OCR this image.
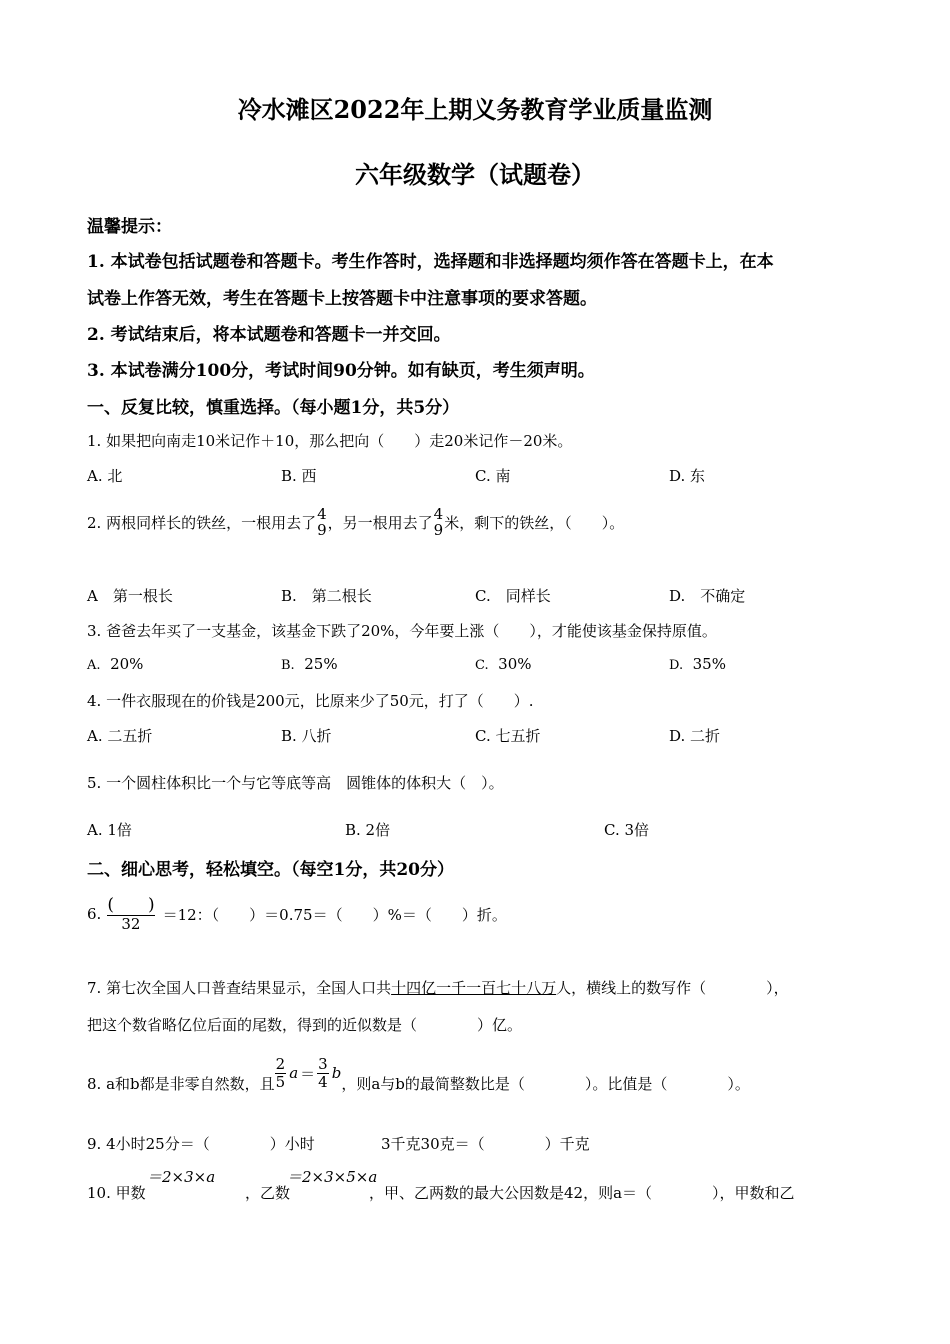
冷水滩区2022年上期义务教育学业质量监测
六年级数学（试题卷）
温馨提示：
1. 本试卷包括试题卷和答题卡。考生作答时，选择题和非选择题均须作答在答题卡上，在本
试卷上作答无效，考生在答题卡上按答题卡中注意事项的要求答题。
2. 考试结束后，将本试题卷和答题卡一并交回。
3. 本试卷满分100分，考试时间90分钟。如有缺页，考生须声明。
一、反复比较，慎重选择。（每小题1分，共5分）
1. 如果把向南走10米记作＋10，那么把向（　　）走20米记作－20米。
A. 北	B. 西	C. 南	D. 东
2. 两根同样长的铁丝，一根用去了 4
9 ，另一根用去了 4
9 米，剩下的铁丝，（　　）。
A　第一根长	B.　第二根长	C.　同样长	D.　不确定
3. 爸爸去年买了一支基金，该基金下跌了20%，今年要上涨（　　），才能使该基金保持原值。
A. 20%	B. 25%	C. 30%	D. 35%
4. 一件衣服现在的价钱是200元，比原来少了50元，打了（　　）.
A. 二五折	B. 八折	C. 七五折	D. 二折
5. 一个圆柱体积比一个与它等底等高　圆锥体的体积大（　）。
A. 1倍	B. 2倍	C. 3倍
二、细心思考，轻松填空。（每空1分，共20分）
6. $\frac{( )}{32} =12$：（　　）＝0.75＝（　　）%＝（　　）折。
7. 第七次全国人口普查结果显示，全国人口共十四亿一千一百七十八万人，横线上的数写作（　　　　），
把这个数省略亿位后面的尾数，得到的近似数是（　　　　）亿。
8. a和b都是非零自然数，且 $\frac{2}{5}$ $a = \frac{3}{4}$ b
，则a与b的最简整数比是（　　　　）。比值是（　　　　）。
9. 4小时25分＝（　　　　）小时	3千克30克＝（　　　　）千克
10. 甲数
＝2×3×a
，乙数
＝2×3×5×a
，甲、乙两数的最大公因数是42，则a＝（　　　　），甲数和乙
